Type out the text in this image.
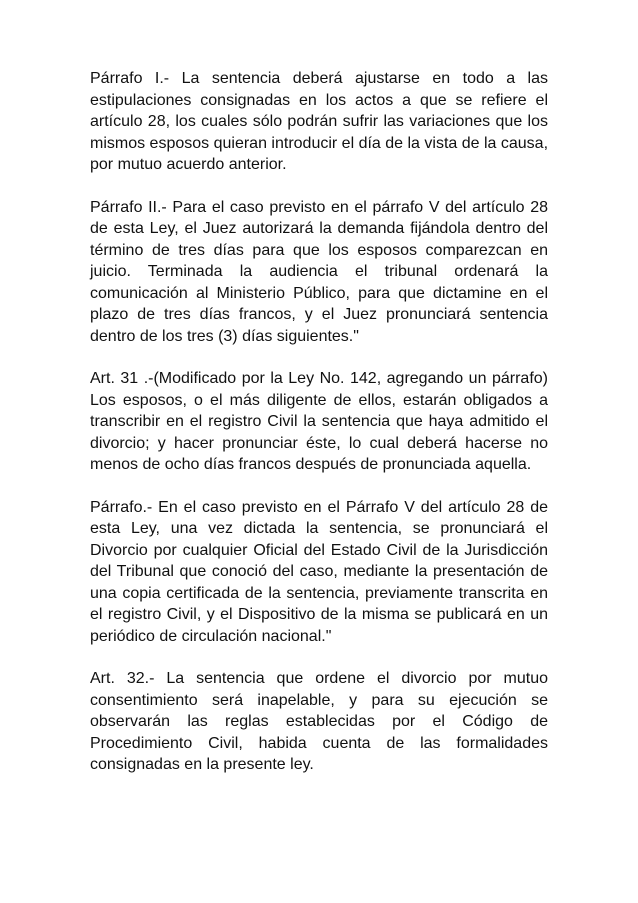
Párrafo I.- La sentencia deberá ajustarse en todo a las estipulaciones consignadas en los actos a que se refiere el artículo 28, los cuales sólo podrán sufrir las variaciones que los mismos esposos quieran introducir el día de la vista de la causa, por mutuo acuerdo anterior.

Párrafo II.- Para el caso previsto en el párrafo V del artículo 28 de esta Ley, el Juez autorizará la demanda fijándola dentro del término de tres días para que los esposos comparezcan en juicio. Terminada la audiencia el tribunal ordenará la comunicación al Ministerio Público, para que dictamine en el plazo de tres días francos, y el Juez pronunciará sentencia dentro de los tres (3) días siguientes."

Art. 31 .-(Modificado por la Ley No. 142, agregando un párrafo) Los esposos, o el más diligente de ellos, estarán obligados a transcribir en el registro Civil la sentencia que haya admitido el divorcio; y hacer pronunciar éste, lo cual deberá hacerse no menos de ocho días francos después de pronunciada aquella.

Párrafo.- En el caso previsto en el Párrafo V del artículo 28 de esta Ley, una vez dictada la sentencia, se pronunciará el Divorcio por cualquier Oficial del Estado Civil de la Jurisdicción del Tribunal que conoció del caso, mediante la presentación de una copia certificada de la sentencia, previamente transcrita en el registro Civil, y el Dispositivo de la misma se publicará en un periódico de circulación nacional."

Art. 32.- La sentencia que ordene el divorcio por mutuo consentimiento será inapelable, y para su ejecución se observarán las reglas establecidas por el Código de Procedimiento Civil, habida cuenta de las formalidades consignadas en la presente ley.
